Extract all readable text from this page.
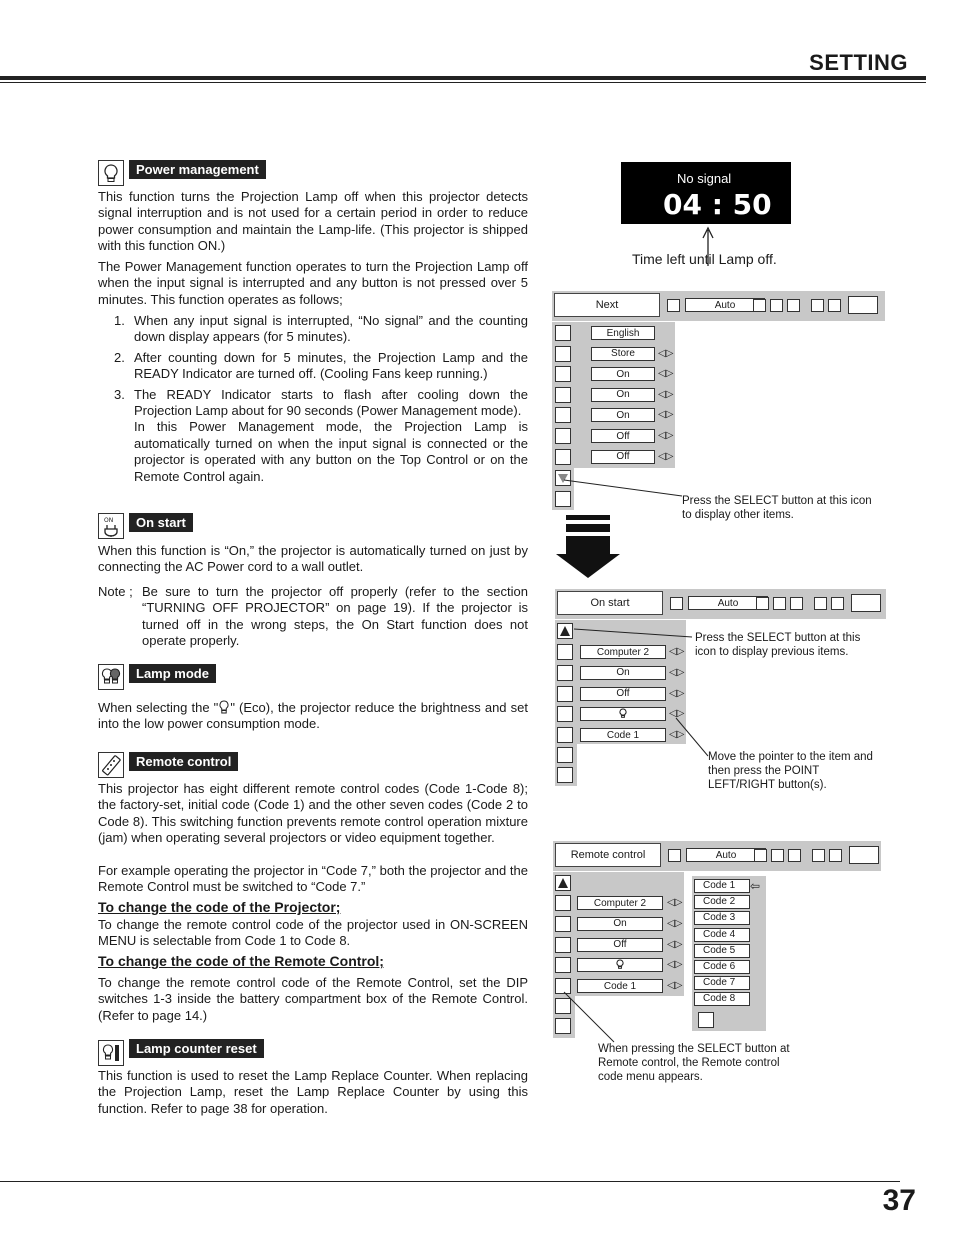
SETTING
Power management
This function turns the Projection Lamp off when this projector detects signal interruption and is not used for a certain period in order to reduce power consumption and maintain the Lamp-life. (This projector is shipped with this function ON.)
The Power Management function operates to turn the Projection Lamp off when the input signal is interrupted and any button is not pressed over 5 minutes. This function operates as follows;
1. When any input signal is interrupted, “No signal” and the counting down display appears (for 5 minutes).
2. After counting down for 5 minutes, the Projection Lamp and the READY Indicator are turned off. (Cooling Fans keep running.)
3. The READY Indicator starts to flash after cooling down the Projection Lamp about for 90 seconds (Power Management mode).
In this Power Management mode, the Projection Lamp is automatically turned on when the input signal is connected or the projector is operated with any button on the Top Control or on the Remote Control again.
ON	On start
When this function is “On,” the projector is automatically turned on just by connecting the AC Power cord to a wall outlet.
Note ; Be sure to turn the projector off properly (refer to the section “TURNING OFF PROJECTOR” on page 19). If the projector is turned off in the wrong steps, the On Start function does not operate properly.
Lamp mode
When selecting the " " (Eco), the projector reduce the brightness and set into the low power consumption mode.
Remote control
This projector has eight different remote control codes (Code 1-Code 8); the factory-set, initial code (Code 1) and the other seven codes (Code 2 to Code 8). This switching function prevents remote control operation mixture (jam) when operating several projectors or video equipment together.
For example operating the projector in “Code 7,” both the projector and the Remote Control must be switched to “Code 7.”
To change the code of the Projector;
To change the remote control code of the projector used in ON-SCREEN MENU is selectable from Code 1 to Code 8.
To change the code of the Remote Control;
To change the remote control code of the Remote Control, set the DIP switches 1-3 inside the battery compartment box of the Remote Control. (Refer to page 14.)
Lamp counter reset
This function is used to reset the Lamp Replace Counter. When replacing the Projection Lamp, reset the Lamp Replace Counter by using this function. Refer to page 38 for operation.
No signal
04 : 50
Time left until Lamp off.
Next	Auto
English
Store	◁▷
On	◁▷
On	◁▷
On	◁▷
Off	◁▷
Off	◁▷
Press the SELECT button at this icon to display other items.
On start	Auto
Computer 2	◁▷
On	◁▷
Off	◁▷
◁▷
Code 1	◁▷
Press the SELECT button at this icon to display previous items.
Move the pointer to the item and then press the POINT LEFT/RIGHT button(s).
Remote control	Auto
Computer 2	◁▷
On	◁▷
Off	◁▷
◁▷
Code 1	◁▷
Code 1
Code 2
Code 3
Code 4
Code 5
Code 6
Code 7
Code 8
⇦
When pressing the SELECT button at Remote control, the Remote control code menu appears.
37
